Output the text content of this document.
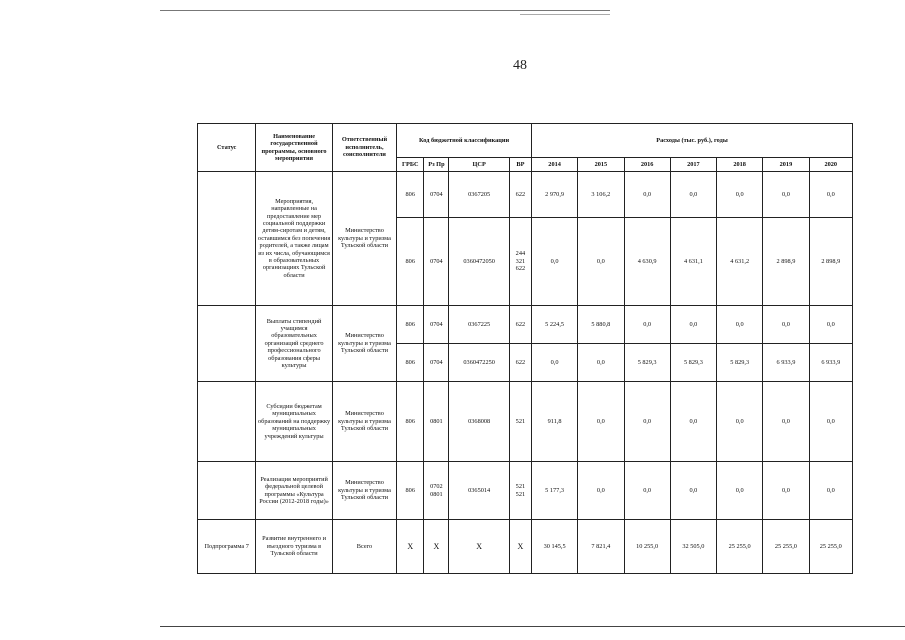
48
Статус	Наименование государственной программы, основного мероприятия	Ответственный исполнитель, соисполнители	Код бюджетной классификации				Расходы (тыс. руб.), годы						
			ГРБС	Рз Пр	ЦСР	ВР	2014	2015	2016	2017	2018	2019	2020
	Мероприятия, направленные на предоставление мер социальной поддержки детям-сиротам и детям, оставшимся без попечения родителей, а также лицам из их числа, обучающимся в образовательных организациях Тульской области	Министерство культуры и туризма Тульской области	806	0704	0367205	622	2 970,9	3 106,2	0,0	0,0	0,0	0,0	0,0
			806	0704	0360472050	244 321 622	0,0	0,0	4 630,9	4 631,1	4 631,2	2 898,9	2 898,9
	Выплаты стипендий учащимся образовательных организаций среднего профессионального образования сферы культуры	Министерство культуры и туризма Тульской области	806	0704	0367225	622	5 224,5	5 880,8	0,0	0,0	0,0	0,0	0,0
			806	0704	0360472250	622	0,0	0,0	5 829,3	5 829,3	5 829,3	6 933,9	6 933,9
	Субсидии бюджетам муниципальных образований на поддержку муниципальных учреждений культуры	Министерство культуры и туризма Тульской области	806	0801	0368008	521	911,8	0,0	0,0	0,0	0,0	0,0	0,0
	Реализация мероприятий федеральной целевой программы «Культура России (2012-2018 годы)»	Министерство культуры и туризма Тульской области	806	0702 0801	0365014	521 521	5 177,3	0,0	0,0	0,0	0,0	0,0	0,0
Подпрограмма 7	Развитие внутреннего и въездного туризма в Тульской области	Всего	X	X	X	X	30 145,5	7 821,4	10 255,0	32 505,0	25 255,0	25 255,0	25 255,0
